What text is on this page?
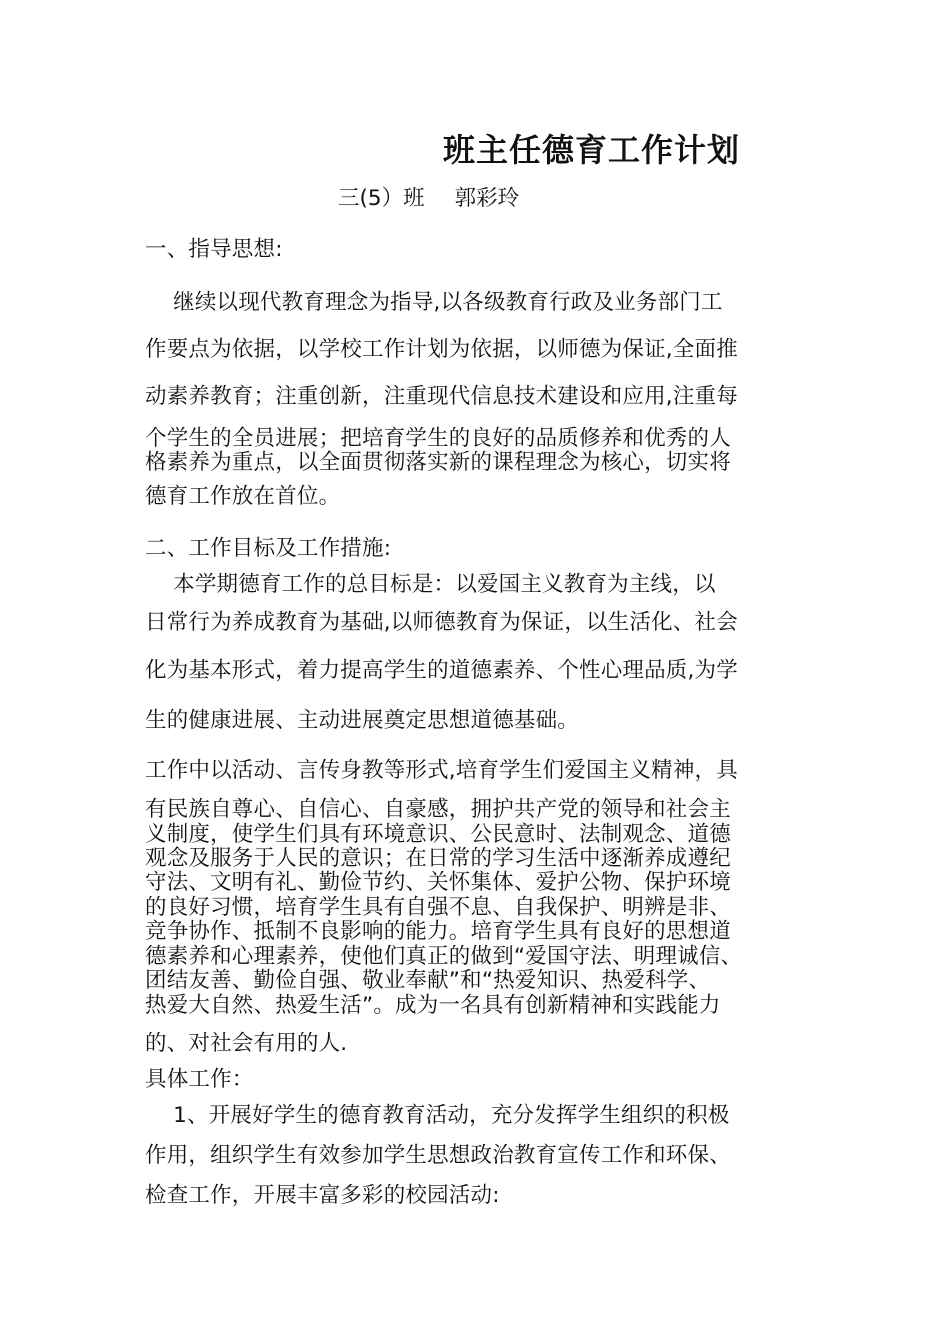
班主任德育工作计划
三(5）班 郭彩玲
一、指导思想:
继续以现代教育理念为指导,以各级教育行政及业务部门工
作要点为依据，以学校工作计划为依据，以师德为保证,全面推
动素养教育；注重创新，注重现代信息技术建设和应用,注重每
个学生的全员进展；把培育学生的良好的品质修养和优秀的人
格素养为重点，以全面贯彻落实新的课程理念为核心，切实将
德育工作放在首位。
二、工作目标及工作措施:
本学期德育工作的总目标是：以爱国主义教育为主线，以
日常行为养成教育为基础,以师德教育为保证，以生活化、社会
化为基本形式，着力提高学生的道德素养、个性心理品质,为学
生的健康进展、主动进展奠定思想道德基础。
工作中以活动、言传身教等形式,培育学生们爱国主义精神，具
有民族自尊心、自信心、自豪感，拥护共产党的领导和社会主
义制度，使学生们具有环境意识、公民意时、法制观念、道德
观念及服务于人民的意识；在日常的学习生活中逐渐养成遵纪
守法、文明有礼、勤俭节约、关怀集体、爱护公物、保护环境
的良好习惯，培育学生具有自强不息、自我保护、明辨是非、
竞争协作、抵制不良影响的能力。培育学生具有良好的思想道
德素养和心理素养，使他们真正的做到“爱国守法、明理诚信、
团结友善、勤俭自强、敬业奉献”和“热爱知识、热爱科学、
热爱大自然、热爱生活”。成为一名具有创新精神和实践能力
的、对社会有用的人.
具体工作：
1、开展好学生的德育教育活动，充分发挥学生组织的积极
作用，组织学生有效参加学生思想政治教育宣传工作和环保、
检查工作，开展丰富多彩的校园活动:
